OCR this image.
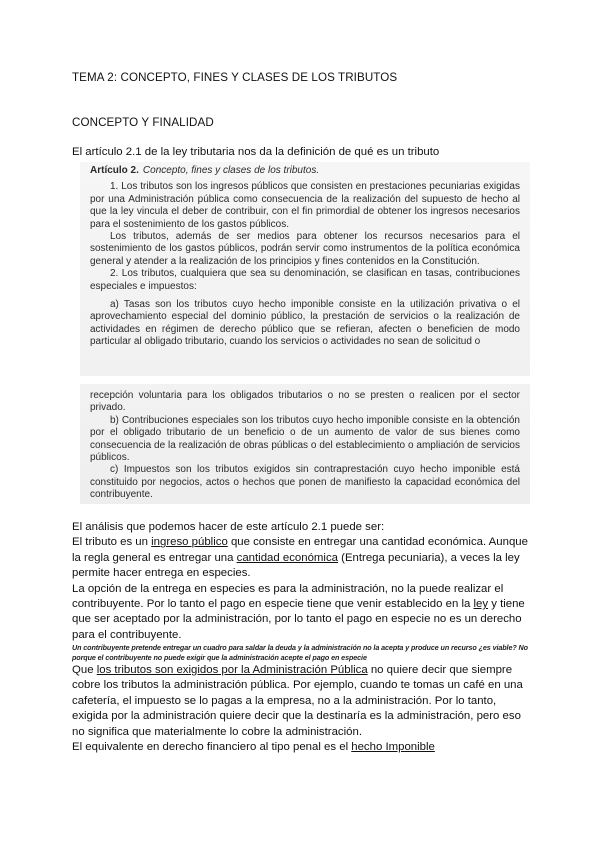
TEMA 2: CONCEPTO, FINES Y CLASES DE LOS TRIBUTOS
CONCEPTO Y FINALIDAD
El artículo 2.1 de la ley tributaria nos da la definición de qué es un tributo

Artículo 2. Concepto, fines y clases de los tributos.

1. Los tributos son los ingresos públicos que consisten en prestaciones pecuniarias exigidas por una Administración pública como consecuencia de la realización del supuesto de hecho al que la ley vincula el deber de contribuir, con el fin primordial de obtener los ingresos necesarios para el sostenimiento de los gastos públicos.

Los tributos, además de ser medios para obtener los recursos necesarios para el sostenimiento de los gastos públicos, podrán servir como instrumentos de la política económica general y atender a la realización de los principios y fines contenidos en la Constitución.

2. Los tributos, cualquiera que sea su denominación, se clasifican en tasas, contribuciones especiales e impuestos:

a) Tasas son los tributos cuyo hecho imponible consiste en la utilización privativa o el aprovechamiento especial del dominio público, la prestación de servicios o la realización de actividades en régimen de derecho público que se refieran, afecten o beneficien de modo particular al obligado tributario, cuando los servicios o actividades no sean de solicitud o

recepción voluntaria para los obligados tributarios o no se presten o realicen por el sector privado.

b) Contribuciones especiales son los tributos cuyo hecho imponible consiste en la obtención por el obligado tributario de un beneficio o de un aumento de valor de sus bienes como consecuencia de la realización de obras públicas o del establecimiento o ampliación de servicios públicos.

c) Impuestos son los tributos exigidos sin contraprestación cuyo hecho imponible está constituido por negocios, actos o hechos que ponen de manifiesto la capacidad económica del contribuyente.

El análisis que podemos hacer de este artículo 2.1 puede ser:

El tributo es un ingreso público que consiste en entregar una cantidad económica. Aunque la regla general es entregar una cantidad económica (Entrega pecuniaria), a veces la ley permite hacer entrega en especies.

La opción de la entrega en especies es para la administración, no la puede realizar el contribuyente. Por lo tanto el pago en especie tiene que venir establecido en la ley y tiene que ser aceptado por la administración, por lo tanto el pago en especie no es un derecho para el contribuyente.

Un contribuyente pretende entregar un cuadro para saldar la deuda y la administración no la acepta y produce un recurso ¿es viable? No porque el contribuyente no puede exigir que la administración acepte el pago en especie

Que los tributos son exigidos por la Administración Pública no quiere decir que siempre cobre los tributos la administración pública. Por ejemplo, cuando te tomas un café en una cafetería, el impuesto se lo pagas a la empresa, no a la administración. Por lo tanto, exigida por la administración quiere decir que la destinaría es la administración, pero eso no significa que materialmente lo cobre la administración.

El equivalente en derecho financiero al tipo penal es el hecho Imponible
